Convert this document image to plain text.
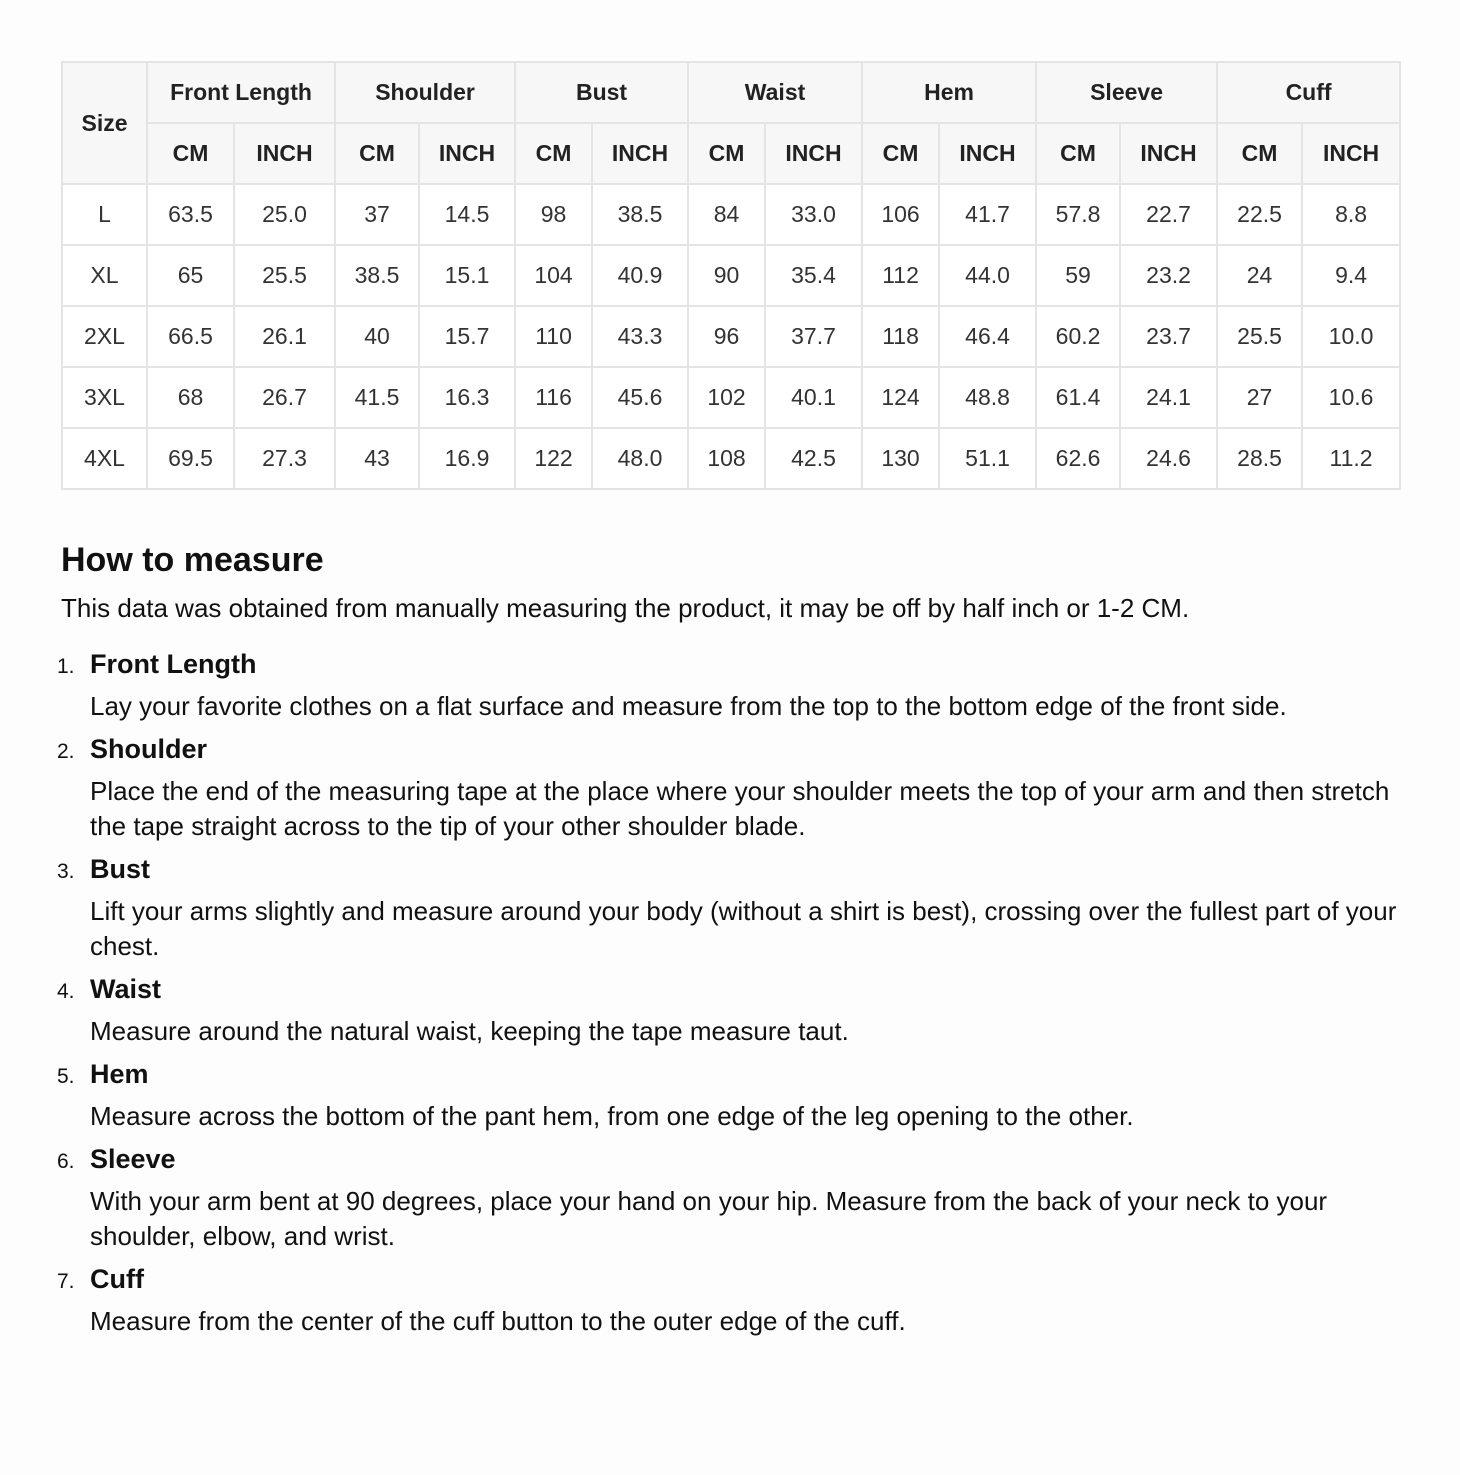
Size	Front Length		Shoulder		Bust		Waist		Hem		Sleeve		Cuff	
	CM	INCH	CM	INCH	CM	INCH	CM	INCH	CM	INCH	CM	INCH	CM	INCH
L	63.5	25.0	37	14.5	98	38.5	84	33.0	106	41.7	57.8	22.7	22.5	8.8
XL	65	25.5	38.5	15.1	104	40.9	90	35.4	112	44.0	59	23.2	24	9.4
2XL	66.5	26.1	40	15.7	110	43.3	96	37.7	118	46.4	60.2	23.7	25.5	10.0
3XL	68	26.7	41.5	16.3	116	45.6	102	40.1	124	48.8	61.4	24.1	27	10.6
4XL	69.5	27.3	43	16.9	122	48.0	108	42.5	130	51.1	62.6	24.6	28.5	11.2
How to measure

This data was obtained from manually measuring the product, it may be off by half inch or 1-2 CM.

1. Front Length
Lay your favorite clothes on a flat surface and measure from the top to the bottom edge of the front side.
2. Shoulder
Place the end of the measuring tape at the place where your shoulder meets the top of your arm and then stretch the tape straight across to the tip of your other shoulder blade.
3. Bust
Lift your arms slightly and measure around your body (without a shirt is best), crossing over the fullest part of your chest.
4. Waist
Measure around the natural waist, keeping the tape measure taut.
5. Hem
Measure across the bottom of the pant hem, from one edge of the leg opening to the other.
6. Sleeve
With your arm bent at 90 degrees, place your hand on your hip. Measure from the back of your neck to your shoulder, elbow, and wrist.
7. Cuff
Measure from the center of the cuff button to the outer edge of the cuff.
